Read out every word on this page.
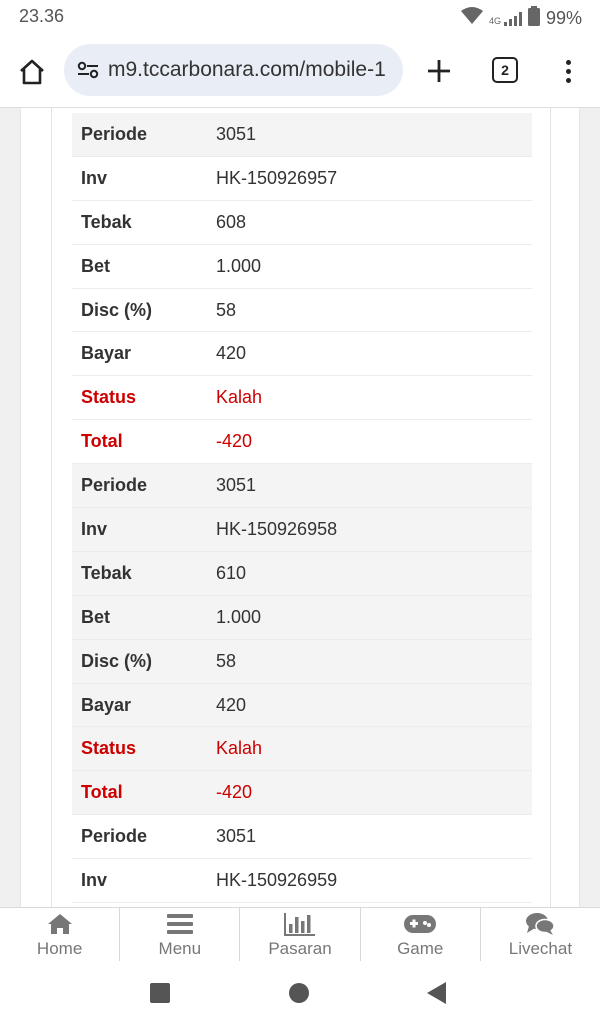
23.36	4G	99%
m9.tccarbonara.com/mobile-1	2
Periode	3051
Inv	HK-150926957
Tebak	608
Bet	1.000
Disc (%)	58
Bayar	420
Status	Kalah
Total	-420
Periode	3051
Inv	HK-150926958
Tebak	610
Bet	1.000
Disc (%)	58
Bayar	420
Status	Kalah
Total	-420
Periode	3051
Inv	HK-150926959
Home	Menu	Pasaran	Game	Livechat
